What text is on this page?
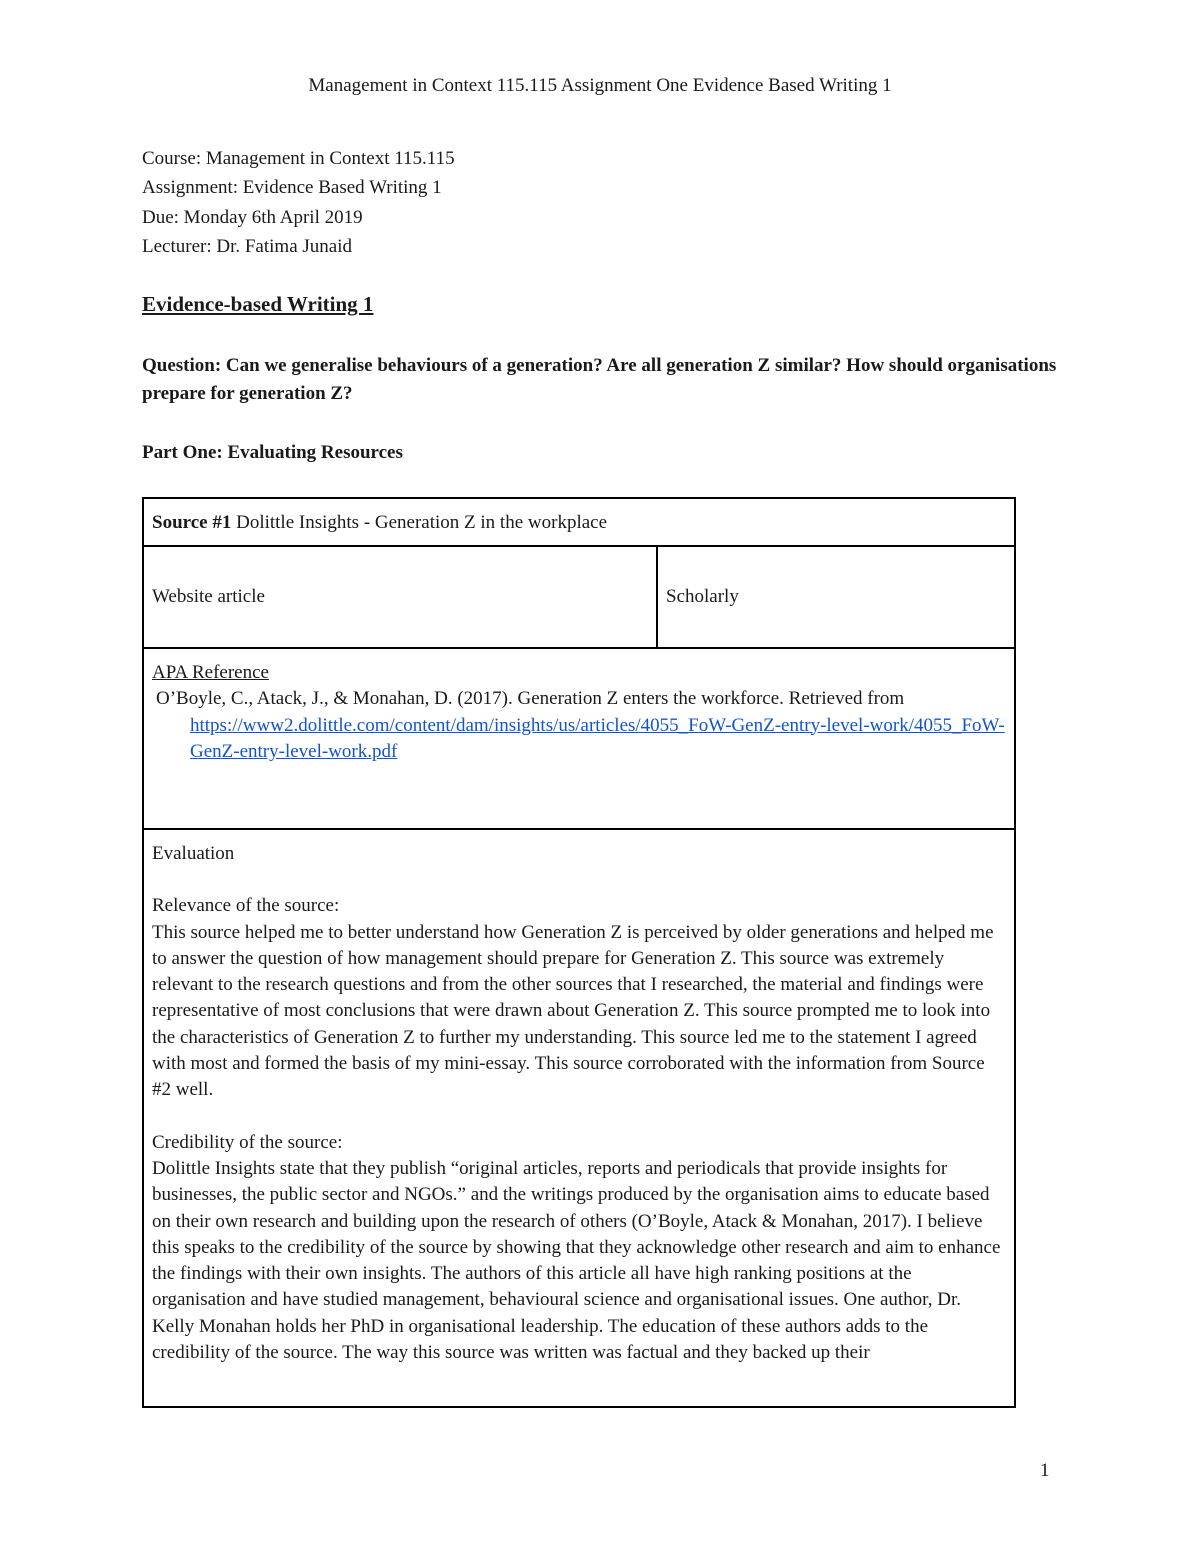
Management in Context 115.115 Assignment One Evidence Based Writing 1
Course: Management in Context 115.115
Assignment: Evidence Based Writing 1
Due: Monday 6th April 2019
Lecturer: Dr. Fatima Junaid
Evidence-based Writing 1
Question: Can we generalise behaviours of a generation? Are all generation Z similar? How should organisations prepare for generation Z?
Part One: Evaluating Resources
Source #1 Dolittle Insights - Generation Z in the workplace
Website article	Scholarly

APA Reference

O’Boyle, C., Atack, J., & Monahan, D. (2017). Generation Z enters the workforce. Retrieved from https://www2.dolittle.com/content/dam/insights/us/articles/4055_FoW-GenZ-entry-level-work/4055_FoW-GenZ-entry-level-work.pdf

Evaluation

Relevance of the source:

This source helped me to better understand how Generation Z is perceived by older generations and helped me to answer the question of how management should prepare for Generation Z. This source was extremely relevant to the research questions and from the other sources that I researched, the material and findings were representative of most conclusions that were drawn about Generation Z. This source prompted me to look into the characteristics of Generation Z to further my understanding. This source led me to the statement I agreed with most and formed the basis of my mini-essay. This source corroborated with the information from Source #2 well.

Credibility of the source:

Dolittle Insights state that they publish “original articles, reports and periodicals that provide insights for businesses, the public sector and NGOs.” and the writings produced by the organisation aims to educate based on their own research and building upon the research of others (O’Boyle, Atack & Monahan, 2017). I believe this speaks to the credibility of the source by showing that they acknowledge other research and aim to enhance the findings with their own insights. The authors of this article all have high ranking positions at the organisation and have studied management, behavioural science and organisational issues. One author, Dr. Kelly Monahan holds her PhD in organisational leadership. The education of these authors adds to the credibility of the source. The way this source was written was factual and they backed up their

1
